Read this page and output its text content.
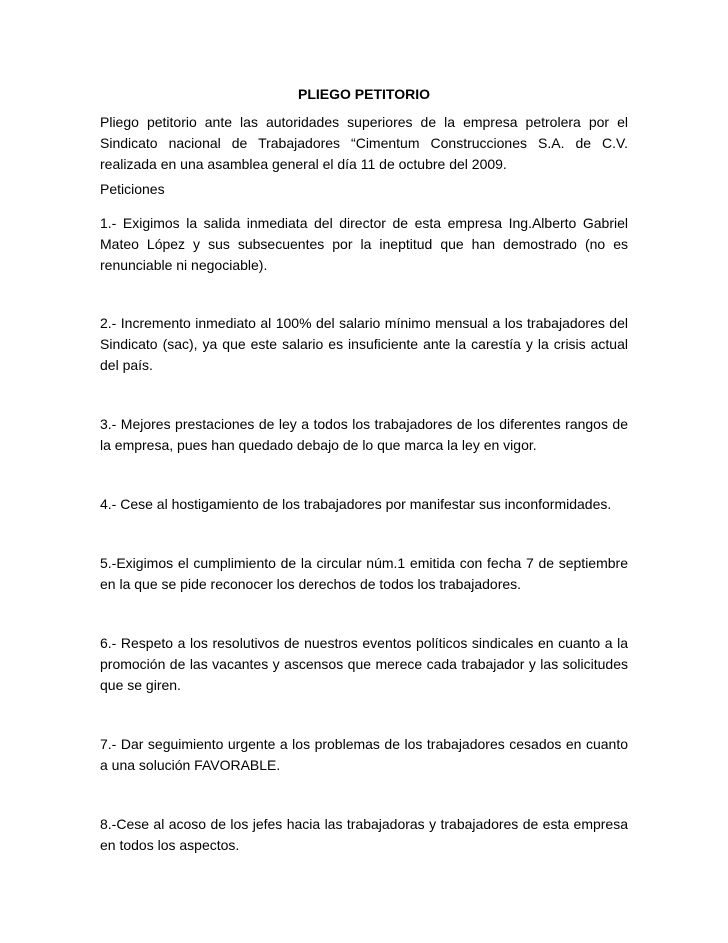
PLIEGO PETITORIO

Pliego petitorio ante las autoridades superiores de la empresa petrolera por el Sindicato nacional de Trabajadores “Cimentum Construcciones S.A. de C.V. realizada en una asamblea general el día 11 de octubre del 2009.

Peticiones

1.- Exigimos la salida inmediata del director de esta empresa Ing.Alberto Gabriel Mateo López y sus subsecuentes por la ineptitud que han demostrado (no es renunciable ni negociable).

2.- Incremento inmediato al 100% del salario mínimo mensual a los trabajadores del Sindicato (sac), ya que este salario es insuficiente ante la carestía y la crisis actual del país.

3.- Mejores prestaciones de ley a todos los trabajadores de los diferentes rangos de la empresa, pues han quedado debajo de lo que marca la ley en vigor.

4.- Cese al hostigamiento de los trabajadores por manifestar sus inconformidades.

5.-Exigimos el cumplimiento de la circular núm.1 emitida con fecha 7 de septiembre en la que se pide reconocer los derechos de todos los trabajadores.

6.- Respeto a los resolutivos de nuestros eventos políticos sindicales en cuanto a la promoción de las vacantes y ascensos que merece cada trabajador y las solicitudes que se giren.

7.- Dar seguimiento urgente a los problemas de los trabajadores cesados en cuanto a una solución FAVORABLE.

8.-Cese al acoso de los jefes hacia las trabajadoras y trabajadores de esta empresa en todos los aspectos.
